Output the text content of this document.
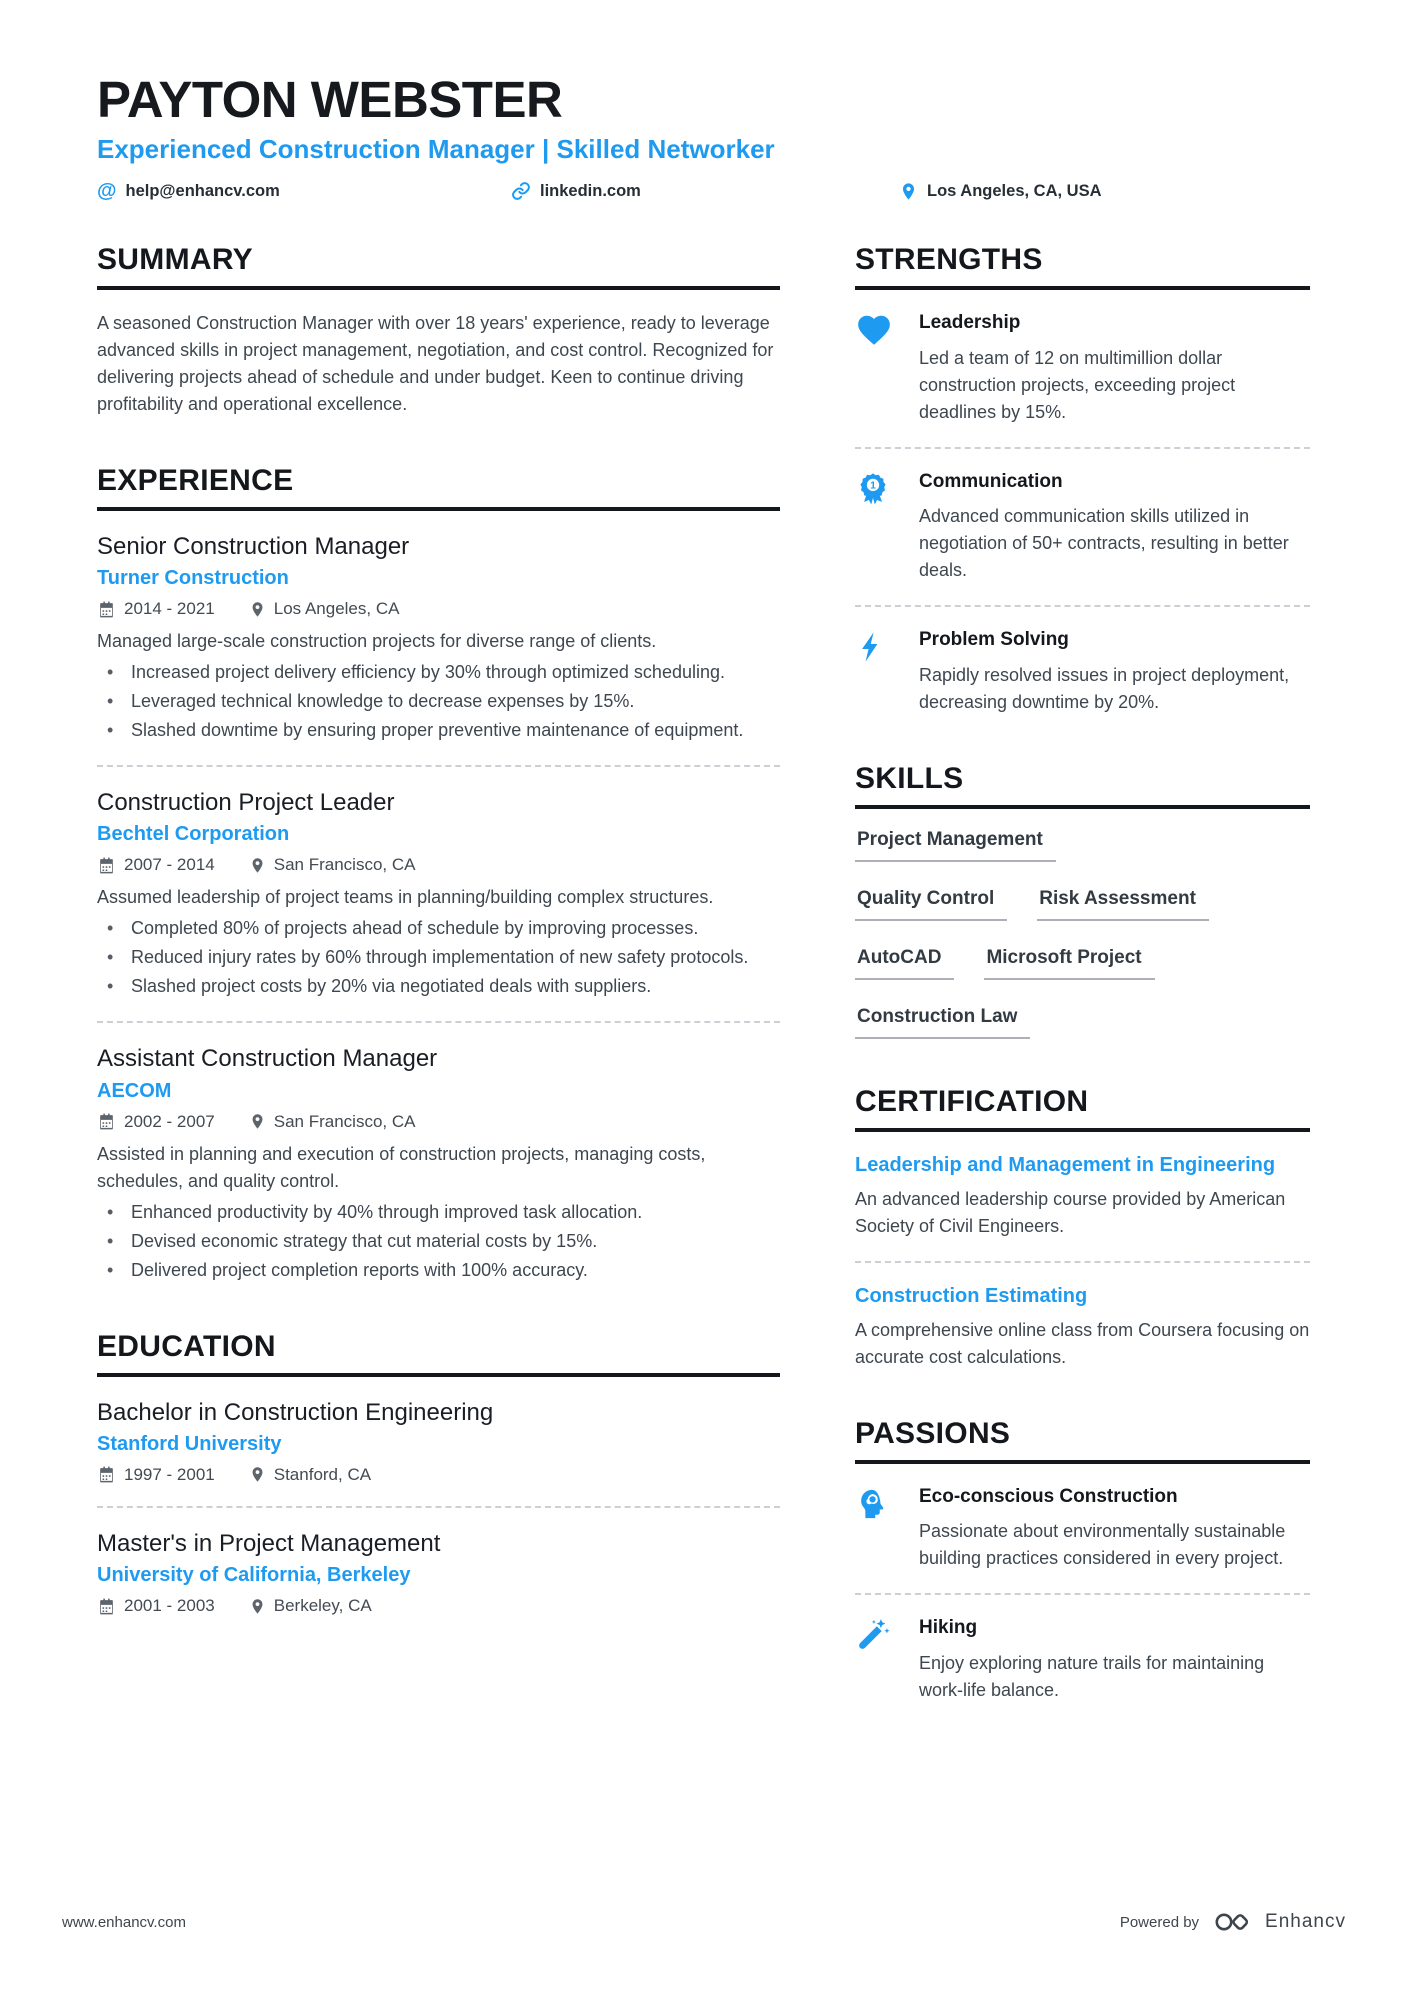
PAYTON WEBSTER
Experienced Construction Manager | Skilled Networker
@ help@enhancv.com	linkedin.com	Los Angeles, CA, USA
SUMMARY

A seasoned Construction Manager with over 18 years' experience, ready to leverage advanced skills in project management, negotiation, and cost control. Recognized for delivering projects ahead of schedule and under budget. Keen to continue driving profitability and operational excellence.

EXPERIENCE
Senior Construction Manager
Turner Construction
2014 - 2021	Los Angeles, CA

Managed large-scale construction projects for diverse range of clients.

• Increased project delivery efficiency by 30% through optimized scheduling.
• Leveraged technical knowledge to decrease expenses by 15%.
• Slashed downtime by ensuring proper preventive maintenance of equipment.
Construction Project Leader
Bechtel Corporation
2007 - 2014	San Francisco, CA

Assumed leadership of project teams in planning/building complex structures.

• Completed 80% of projects ahead of schedule by improving processes.
• Reduced injury rates by 60% through implementation of new safety protocols.
• Slashed project costs by 20% via negotiated deals with suppliers.
Assistant Construction Manager
AECOM
2002 - 2007	San Francisco, CA

Assisted in planning and execution of construction projects, managing costs, schedules, and quality control.

• Enhanced productivity by 40% through improved task allocation.
• Devised economic strategy that cut material costs by 15%.
• Delivered project completion reports with 100% accuracy.
EDUCATION
Bachelor in Construction Engineering
Stanford University
1997 - 2001	Stanford, CA
Master's in Project Management
University of California, Berkeley
2001 - 2003	Berkeley, CA
STRENGTHS
Leadership
Led a team of 12 on multimillion dollar construction projects, exceeding project deadlines by 15%.
1 Communication
Advanced communication skills utilized in negotiation of 50+ contracts, resulting in better deals.
Problem Solving
Rapidly resolved issues in project deployment, decreasing downtime by 20%.
SKILLS
Project Management
Quality Control	Risk Assessment
AutoCAD	Microsoft Project
Construction Law
CERTIFICATION
Leadership and Management in Engineering
An advanced leadership course provided by American Society of Civil Engineers.
Construction Estimating
A comprehensive online class from Coursera focusing on accurate cost calculations.
PASSIONS
Eco-conscious Construction
Passionate about environmentally sustainable building practices considered in every project.
Hiking
Enjoy exploring nature trails for maintaining work-life balance.
www.enhancv.com	Powered by	Enhancv
